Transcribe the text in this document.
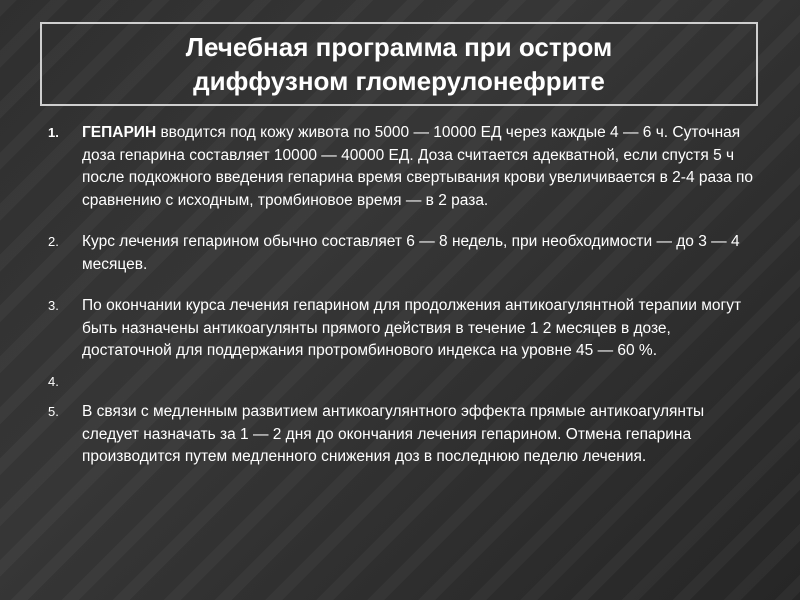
Лечебная программа при остром
диффузном гломерулонефрите
1.	ГЕПАРИН вводится под кожу живота по 5000 — 10000 ЕД через каждые 4 — 6 ч. Суточная доза гепарина составляет 10000 — 40000 ЕД. Доза считается адекватной, если спустя 5 ч после подкожного введения гепарина время свертывания крови увеличивается в 2-4 раза по сравнению с исходным, тромбиновое время — в 2 раза.
2.	Курс лечения гепарином обычно составляет 6 — 8 недель, при необходимости — до 3 — 4 месяцев.
3.	По окончании курса лечения гепарином для продолжения антикоагулянтной терапии могут быть назначены антикоагулянты прямого действия в течение 1 2 месяцев в дозе, достаточной для поддержания протромбинового индекса на уровне 45 — 60 %.
4.
5.	В связи с медленным развитием антикоагулянтного эффекта прямые антикоагулянты следует назначать за 1 — 2 дня до окончания лечения гепарином. Отмена гепарина производится путем медленного снижения доз в последнюю педелю лечения.
